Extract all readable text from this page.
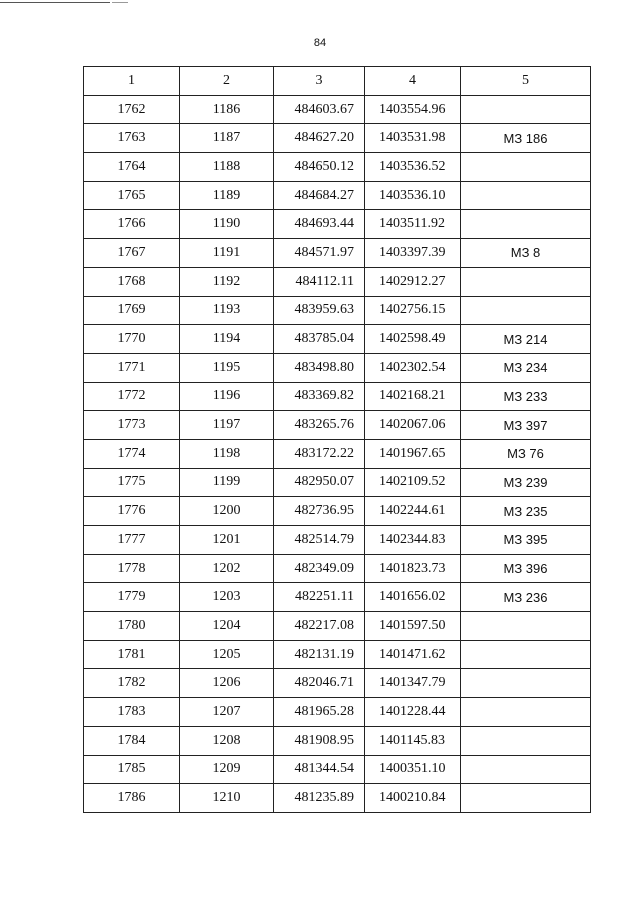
84
1	2	3	4	5
1762	1186	484603.67	1403554.96	
1763	1187	484627.20	1403531.98	МЗ 186
1764	1188	484650.12	1403536.52	
1765	1189	484684.27	1403536.10	
1766	1190	484693.44	1403511.92	
1767	1191	484571.97	1403397.39	МЗ 8
1768	1192	484112.11	1402912.27	
1769	1193	483959.63	1402756.15	
1770	1194	483785.04	1402598.49	МЗ 214
1771	1195	483498.80	1402302.54	МЗ 234
1772	1196	483369.82	1402168.21	МЗ 233
1773	1197	483265.76	1402067.06	МЗ 397
1774	1198	483172.22	1401967.65	МЗ 76
1775	1199	482950.07	1402109.52	МЗ 239
1776	1200	482736.95	1402244.61	МЗ 235
1777	1201	482514.79	1402344.83	МЗ 395
1778	1202	482349.09	1401823.73	МЗ 396
1779	1203	482251.11	1401656.02	МЗ 236
1780	1204	482217.08	1401597.50	
1781	1205	482131.19	1401471.62	
1782	1206	482046.71	1401347.79	
1783	1207	481965.28	1401228.44	
1784	1208	481908.95	1401145.83	
1785	1209	481344.54	1400351.10	
1786	1210	481235.89	1400210.84	
